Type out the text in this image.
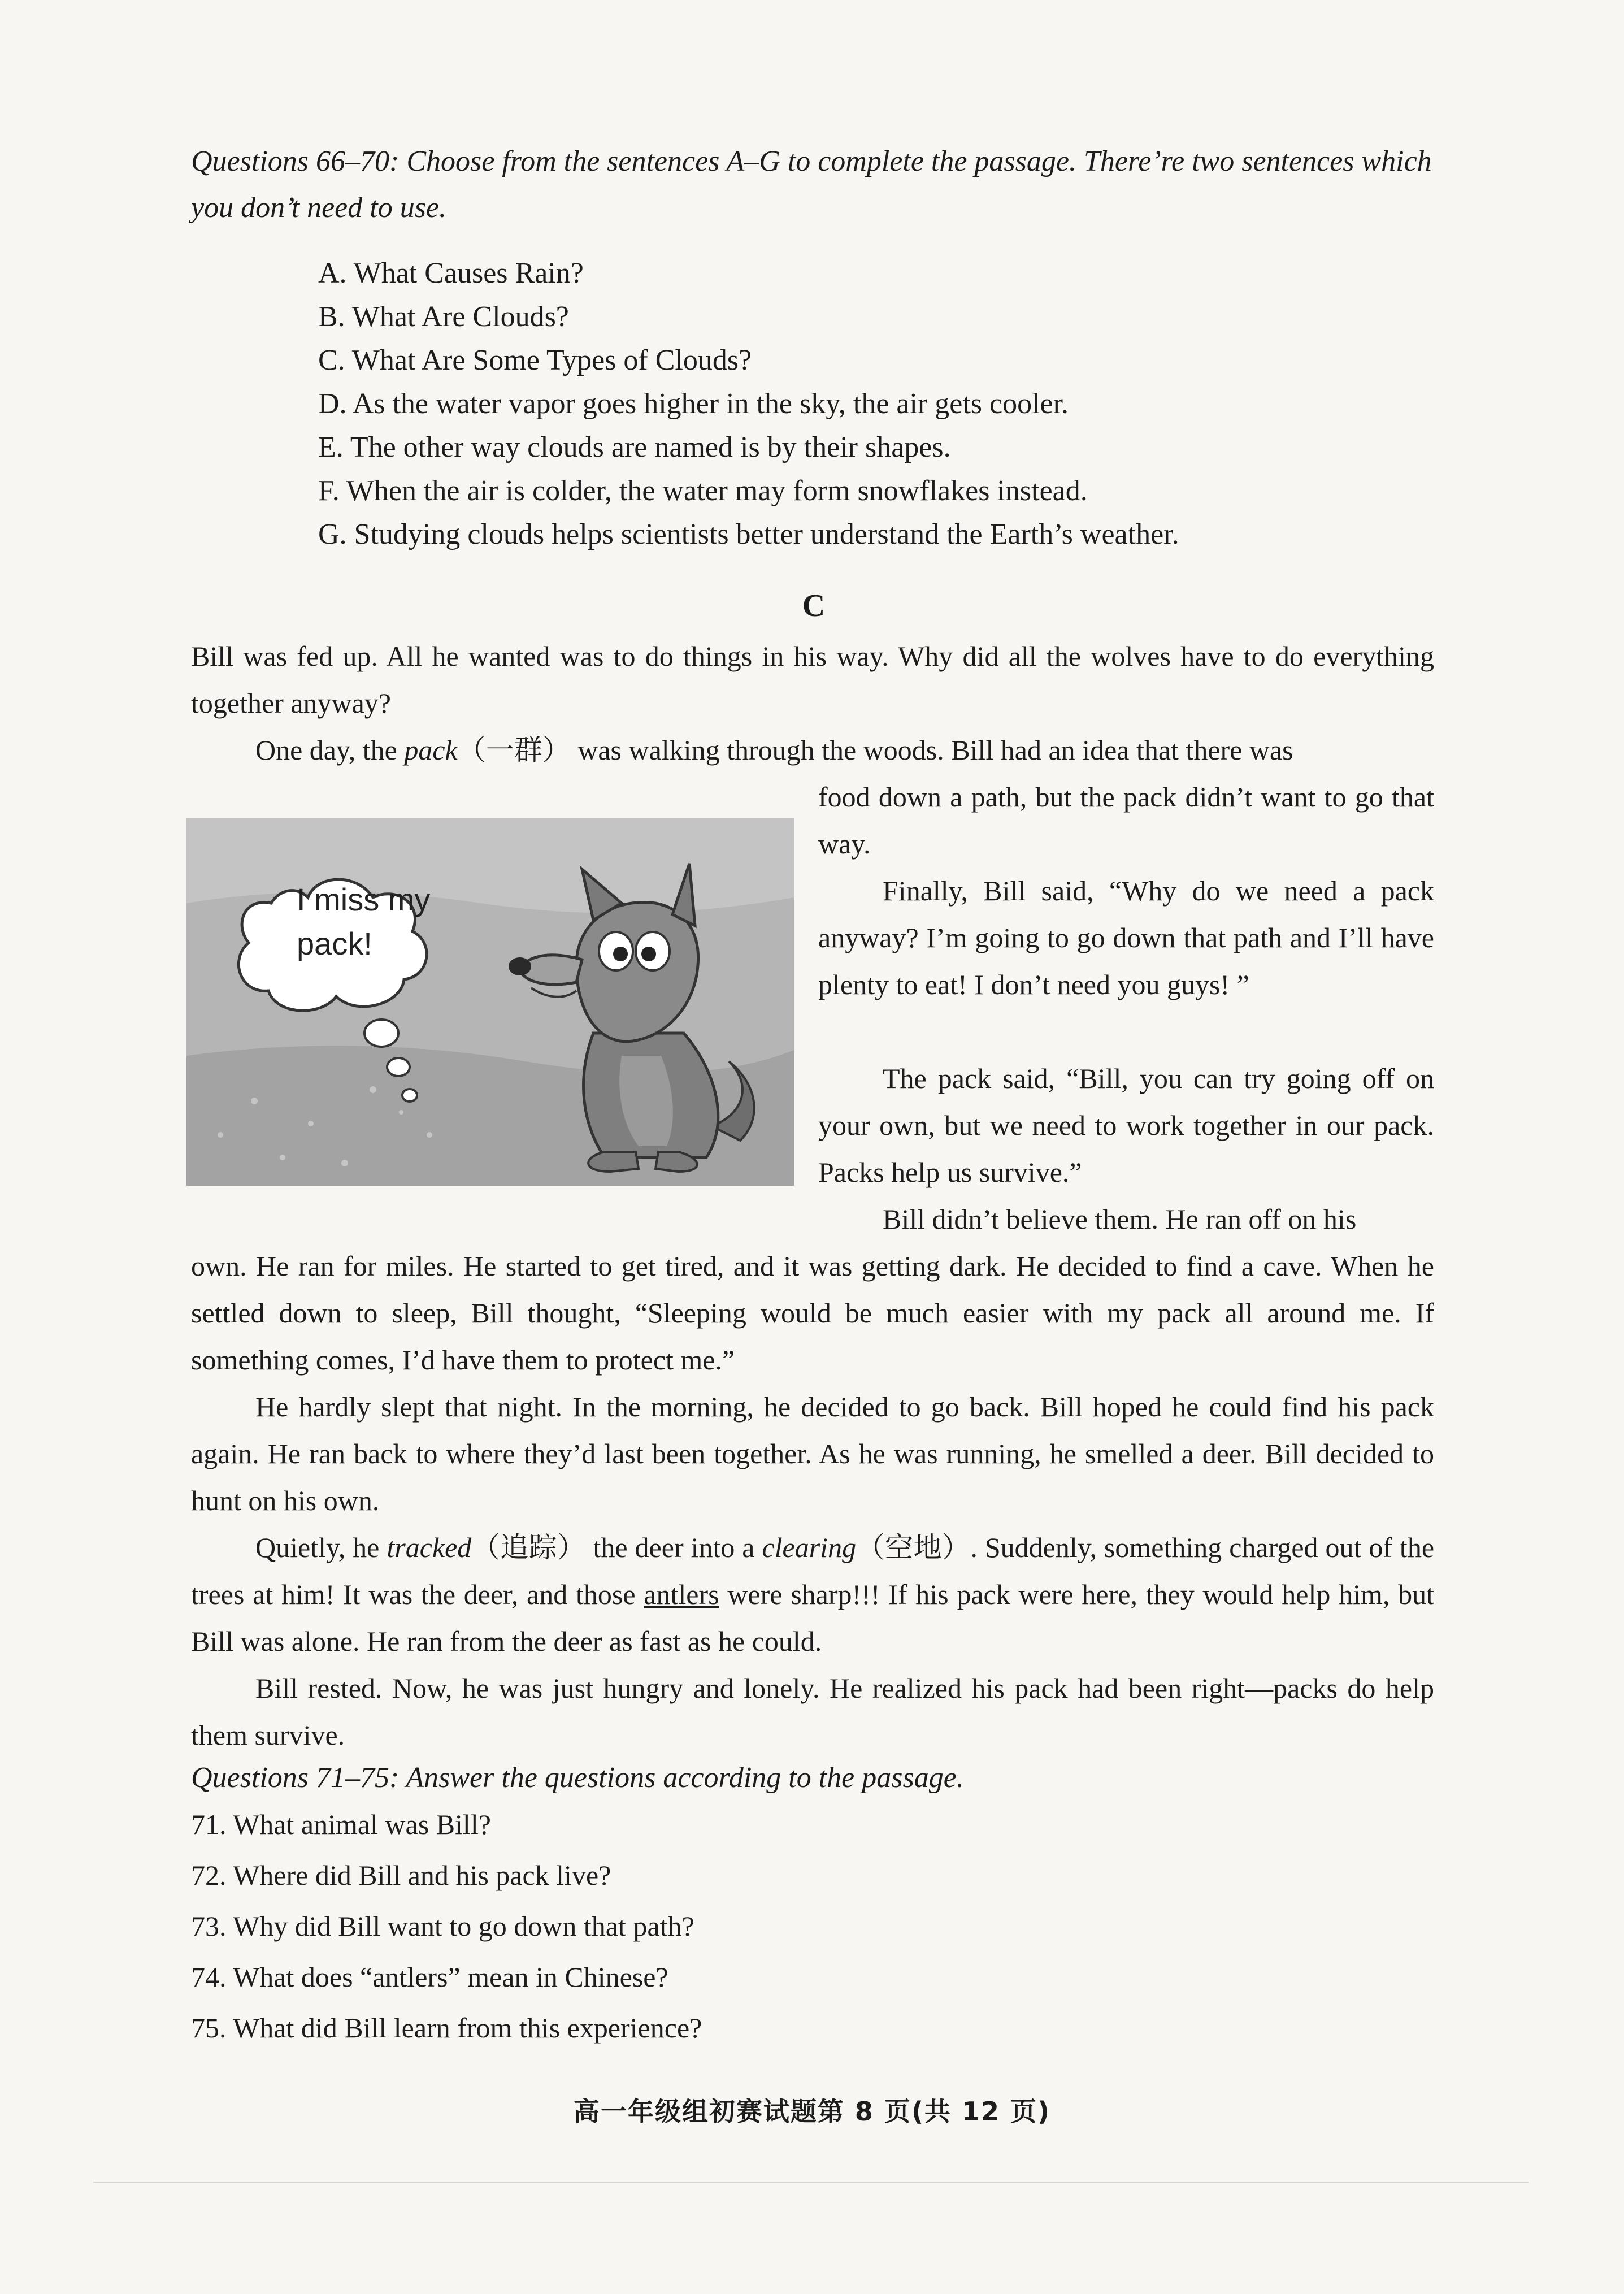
Questions 66–70: Choose from the sentences A–G to complete the passage. There’re two sentences which you don’t need to use.
A. What Causes Rain?
B. What Are Clouds?
C. What Are Some Types of Clouds?
D. As the water vapor goes higher in the sky, the air gets cooler.
E. The other way clouds are named is by their shapes.
F. When the air is colder, the water may form snowflakes instead.
G. Studying clouds helps scientists better understand the Earth’s weather.
C

Bill was fed up. All he wanted was to do things in his way. Why did all the wolves have to do everything together anyway?

One day, the pack（一群） was walking through the woods. Bill had an idea that there was

I miss my pack!

food down a path, but the pack didn’t want to go that way.

Finally, Bill said, “Why do we need a pack anyway? I’m going to go down that path and I’ll have plenty to eat! I don’t need you guys! ”

The pack said, “Bill, you can try going off on your own, but we need to work together in our pack. Packs help us survive.”

Bill didn’t believe them. He ran off on his

own. He ran for miles. He started to get tired, and it was getting dark. He decided to find a cave. When he settled down to sleep, Bill thought, “Sleeping would be much easier with my pack all around me. If something comes, I’d have them to protect me.”

He hardly slept that night. In the morning, he decided to go back. Bill hoped he could find his pack again. He ran back to where they’d last been together. As he was running, he smelled a deer. Bill decided to hunt on his own.

Quietly, he tracked（追踪） the deer into a clearing（空地）. Suddenly, something charged out of the trees at him! It was the deer, and those antlers were sharp!!! If his pack were here, they would help him, but Bill was alone. He ran from the deer as fast as he could.

Bill rested. Now, he was just hungry and lonely. He realized his pack had been right—packs do help them survive.

Questions 71–75: Answer the questions according to the passage.
71. What animal was Bill?
72. Where did Bill and his pack live?
73. Why did Bill want to go down that path?
74. What does “antlers” mean in Chinese?
75. What did Bill learn from this experience?
高一年级组初赛试题第 8 页(共 12 页)
